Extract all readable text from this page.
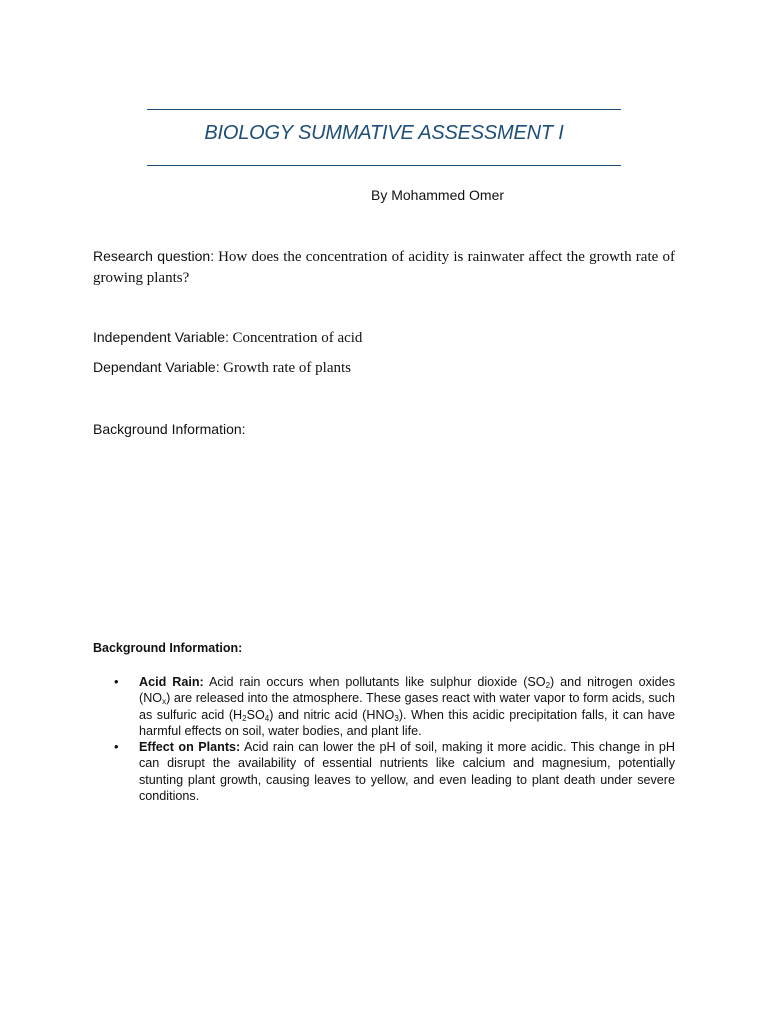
BIOLOGY SUMMATIVE ASSESSMENT I
By Mohammed Omer
Research question: How does the concentration of acidity is rainwater affect the growth rate of growing plants?
Independent Variable: Concentration of acid
Dependant Variable: Growth rate of plants
Background Information:
Background Information:
• Acid Rain: Acid rain occurs when pollutants like sulphur dioxide $(SO_2)$ and nitrogen oxides $(NO_x)$ are released into the atmosphere. These gases react with water vapor to form acids, such as sulfuric acid $(H_2SO_4)$ and nitric acid $(HNO_3)$. When this acidic precipitation falls, it can have harmful effects on soil, water bodies, and plant life.
• Effect on Plants: Acid rain can lower the pH of soil, making it more acidic. This change in pH can disrupt the availability of essential nutrients like calcium and magnesium, potentially stunting plant growth, causing leaves to yellow, and even leading to plant death under severe conditions.
